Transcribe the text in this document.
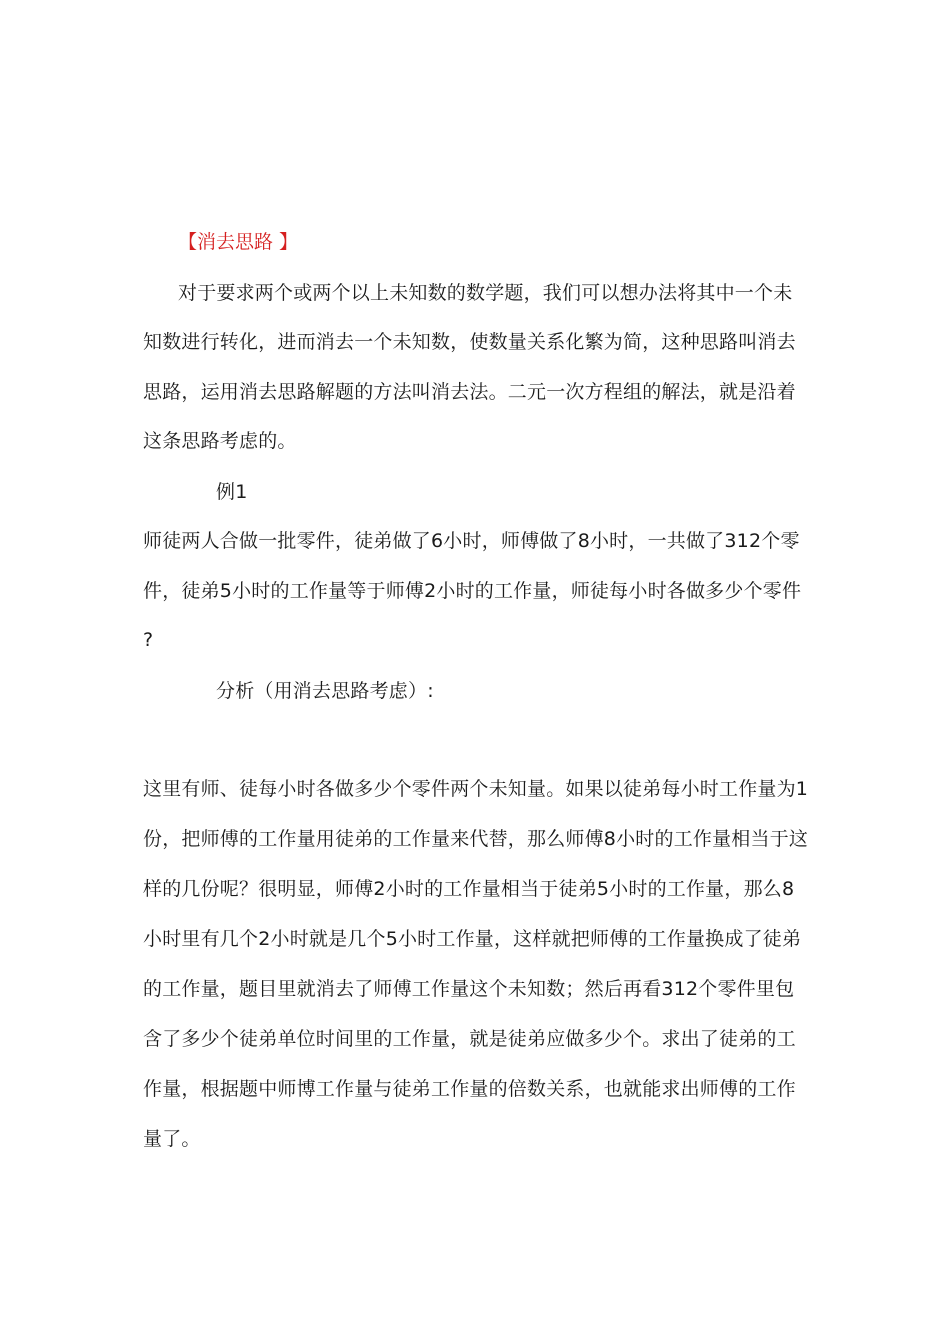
【消去思路 】
对于要求两个或两个以上未知数的数学题，我们可以想办法将其中一个未
知数进行转化，进而消去一个未知数，使数量关系化繁为简，这种思路叫消去
思路，运用消去思路解题的方法叫消去法。二元一次方程组的解法，就是沿着
这条思路考虑的。
例1
师徒两人合做一批零件，徒弟做了6小时，师傅做了8小时，一共做了312个零
件，徒弟5小时的工作量等于师傅2小时的工作量，师徒每小时各做多少个零件
?
分析（用消去思路考虑）:
这里有师、徒每小时各做多少个零件两个未知量。如果以徒弟每小时工作量为1
份，把师傅的工作量用徒弟的工作量来代替，那么师傅8小时的工作量相当于这
样的几份呢？很明显，师傅2小时的工作量相当于徒弟5小时的工作量，那么8
小时里有几个2小时就是几个5小时工作量，这样就把师傅的工作量换成了徒弟
的工作量，题目里就消去了师傅工作量这个未知数；然后再看312个零件里包
含了多少个徒弟单位时间里的工作量，就是徒弟应做多少个。求出了徒弟的工
作量，根据题中师博工作量与徒弟工作量的倍数关系，也就能求出师傅的工作
量了。
